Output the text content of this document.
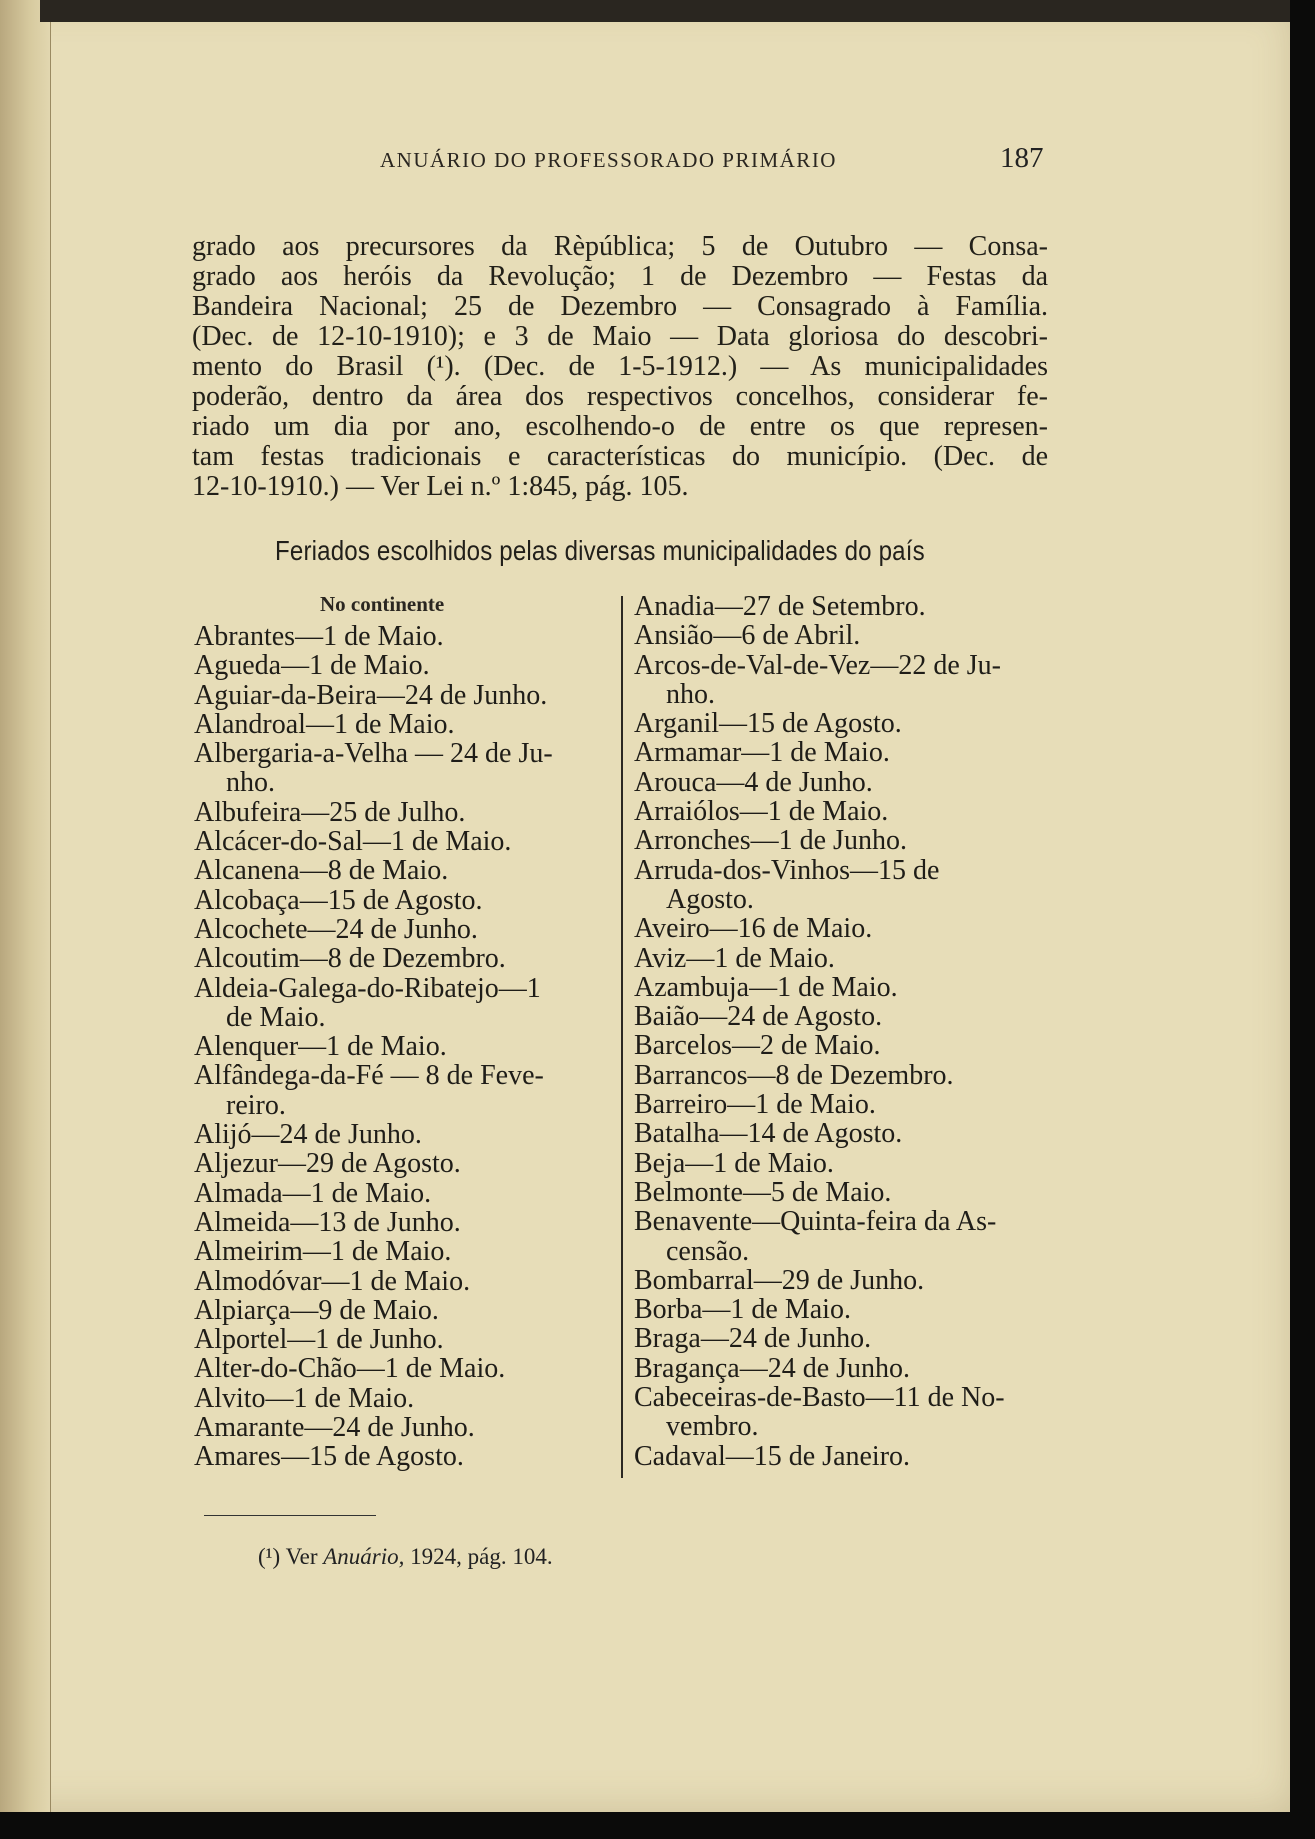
ANUÁRIO DO PROFESSORADO PRIMÁRIO	187
grado aos precursores da Rèpública; 5 de Outubro — Consa-
grado aos heróis da Revolução; 1 de Dezembro — Festas da
Bandeira Nacional; 25 de Dezembro — Consagrado à Família.
(Dec. de 12-10-1910); e 3 de Maio — Data gloriosa do descobri-
mento do Brasil (¹). (Dec. de 1-5-1912.) — As municipalidades
poderão, dentro da área dos respectivos concelhos, considerar fe-
riado um dia por ano, escolhendo-o de entre os que represen-
tam festas tradicionais e características do município. (Dec. de
12-10-1910.) — Ver Lei n.º 1:845, pág. 105.
Feriados escolhidos pelas diversas municipalidades do país
No continente
Abrantes—1 de Maio.
Agueda—1 de Maio.
Aguiar-da-Beira—24 de Junho.
Alandroal—1 de Maio.
Albergaria-a-Velha — 24 de Ju-
nho.
Albufeira—25 de Julho.
Alcácer-do-Sal—1 de Maio.
Alcanena—8 de Maio.
Alcobaça—15 de Agosto.
Alcochete—24 de Junho.
Alcoutim—8 de Dezembro.
Aldeia-Galega-do-Ribatejo—1
de Maio.
Alenquer—1 de Maio.
Alfândega-da-Fé — 8 de Feve-
reiro.
Alijó—24 de Junho.
Aljezur—29 de Agosto.
Almada—1 de Maio.
Almeida—13 de Junho.
Almeirim—1 de Maio.
Almodóvar—1 de Maio.
Alpiarça—9 de Maio.
Alportel—1 de Junho.
Alter-do-Chão—1 de Maio.
Alvito—1 de Maio.
Amarante—24 de Junho.
Amares—15 de Agosto.
Anadia—27 de Setembro.
Ansião—6 de Abril.
Arcos-de-Val-de-Vez—22 de Ju-
nho.
Arganil—15 de Agosto.
Armamar—1 de Maio.
Arouca—4 de Junho.
Arraiólos—1 de Maio.
Arronches—1 de Junho.
Arruda-dos-Vinhos—15 de
Agosto.
Aveiro—16 de Maio.
Aviz—1 de Maio.
Azambuja—1 de Maio.
Baião—24 de Agosto.
Barcelos—2 de Maio.
Barrancos—8 de Dezembro.
Barreiro—1 de Maio.
Batalha—14 de Agosto.
Beja—1 de Maio.
Belmonte—5 de Maio.
Benavente—Quinta-feira da As-
censão.
Bombarral—29 de Junho.
Borba—1 de Maio.
Braga—24 de Junho.
Bragança—24 de Junho.
Cabeceiras-de-Basto—11 de No-
vembro.
Cadaval—15 de Janeiro.
(¹) Ver Anuário, 1924, pág. 104.
